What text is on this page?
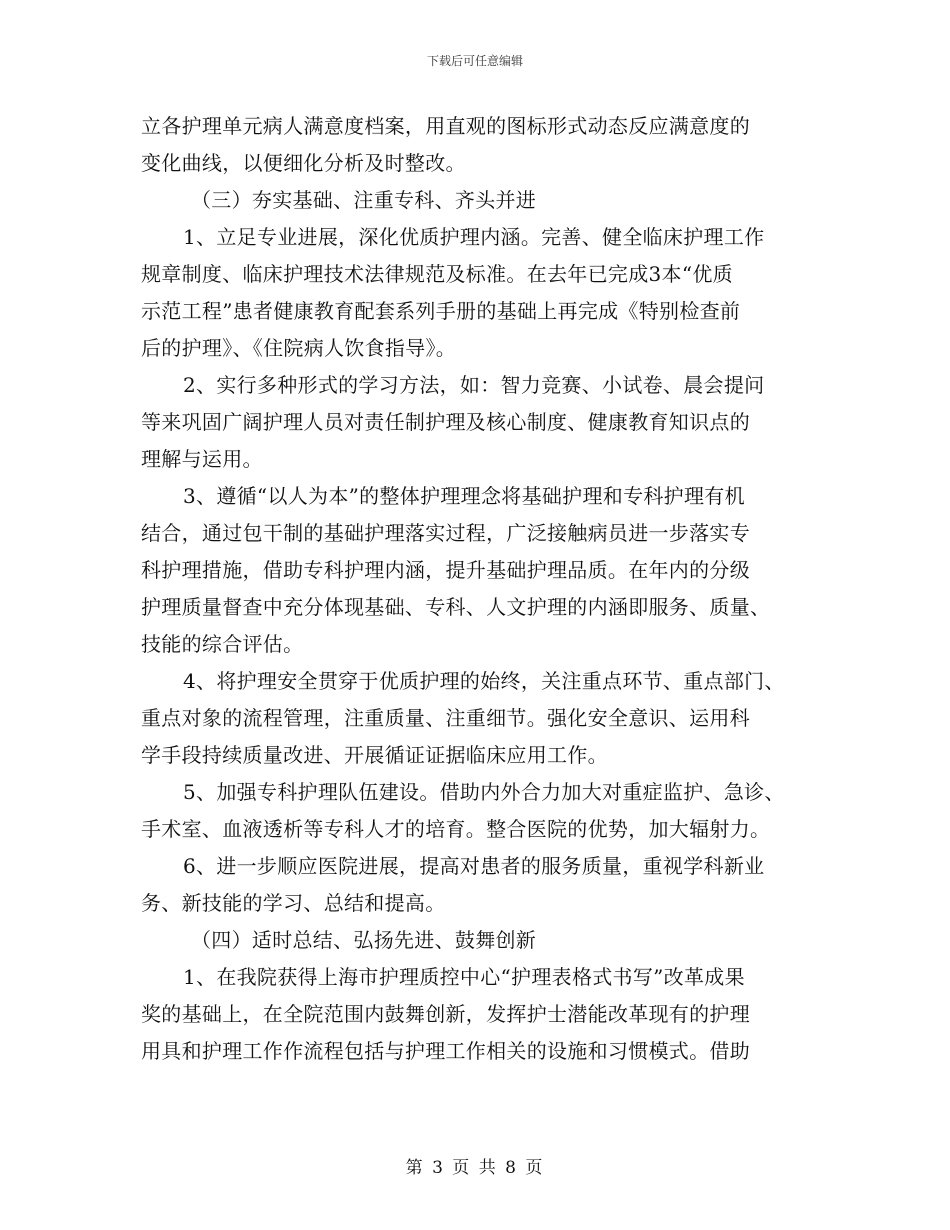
下载后可任意编辑
立各护理单元病人满意度档案，用直观的图标形式动态反应满意度的
变化曲线，以便细化分析及时整改。
（三）夯实基础、注重专科、齐头并进
1、立足专业进展，深化优质护理内涵。完善、健全临床护理工作
规章制度、临床护理技术法律规范及标准。在去年已完成3本“优质
示范工程”患者健康教育配套系列手册的基础上再完成《特别检查前
后的护理》、《住院病人饮食指导》。
2、实行多种形式的学习方法，如：智力竞赛、小试卷、晨会提问
等来巩固广阔护理人员对责任制护理及核心制度、健康教育知识点的
理解与运用。
3、遵循“以人为本”的整体护理理念将基础护理和专科护理有机
结合，通过包干制的基础护理落实过程，广泛接触病员进一步落实专
科护理措施，借助专科护理内涵，提升基础护理品质。在年内的分级
护理质量督查中充分体现基础、专科、人文护理的内涵即服务、质量、
技能的综合评估。
4、将护理安全贯穿于优质护理的始终，关注重点环节、重点部门、
重点对象的流程管理，注重质量、注重细节。强化安全意识、运用科
学手段持续质量改进、开展循证证据临床应用工作。
5、加强专科护理队伍建设。借助内外合力加大对重症监护、急诊、
手术室、血液透析等专科人才的培育。整合医院的优势，加大辐射力。
6、进一步顺应医院进展，提高对患者的服务质量，重视学科新业
务、新技能的学习、总结和提高。
（四）适时总结、弘扬先进、鼓舞创新
1、在我院获得上海市护理质控中心“护理表格式书写”改革成果
奖的基础上，在全院范围内鼓舞创新，发挥护士潜能改革现有的护理
用具和护理工作作流程包括与护理工作相关的设施和习惯模式。借助
第 3 页 共 8 页
